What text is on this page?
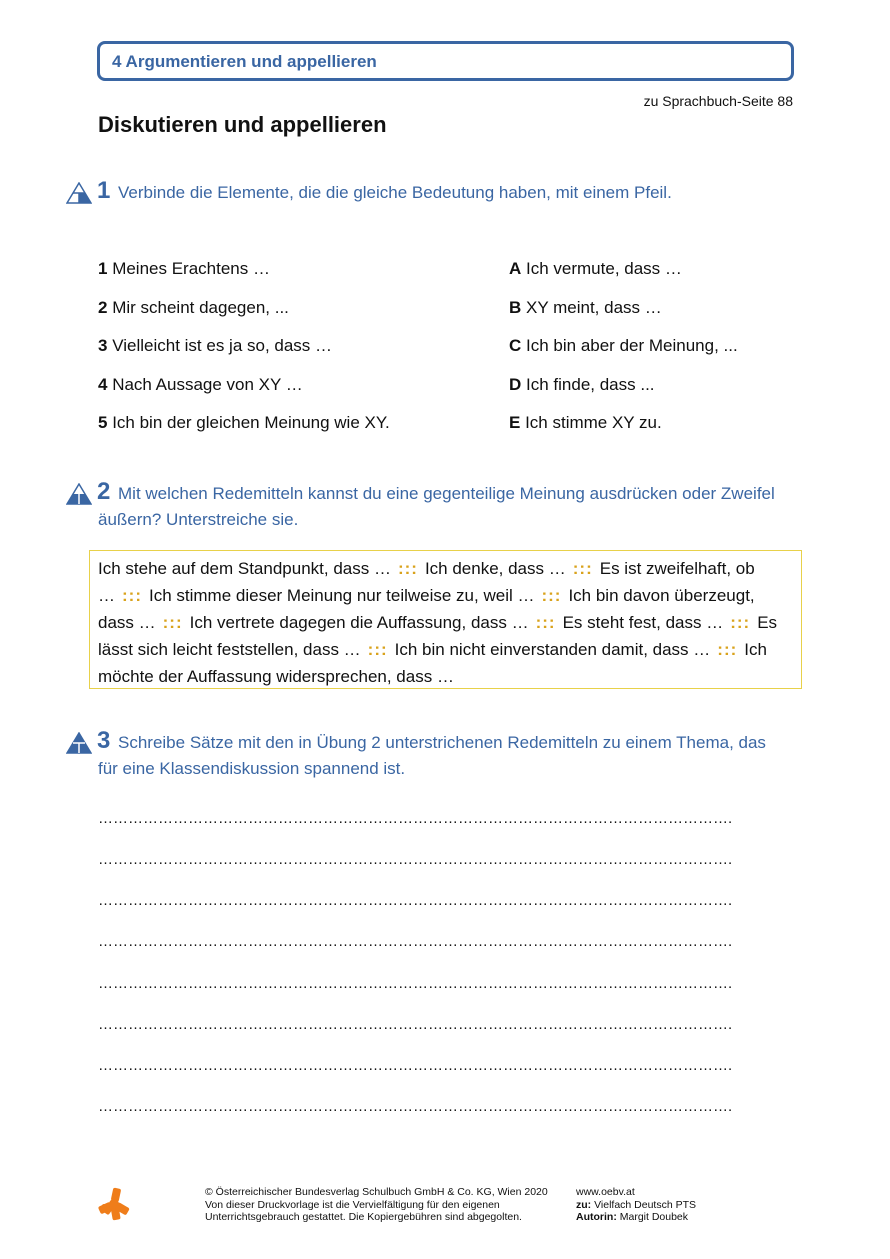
4 Argumentieren und appellieren
zu Sprachbuch-Seite 88
Diskutieren und appellieren
1 Verbinde die Elemente, die die gleiche Bedeutung haben, mit einem Pfeil.

1 Meines Erachtens …
2 Mir scheint dagegen, ...
3 Vielleicht ist es ja so, dass …
4 Nach Aussage von XY …
5 Ich bin der gleichen Meinung wie XY.
A Ich vermute, dass …
B XY meint, dass …
C Ich bin aber der Meinung, ...
D Ich finde, dass ...
E Ich stimme XY zu.
2 Mit welchen Redemitteln kannst du eine gegenteilige Meinung ausdrücken oder Zweifel äußern? Unterstreiche sie.

Ich stehe auf dem Standpunkt, dass … ::: Ich denke, dass … ::: Es ist zweifelhaft, ob … ::: Ich stimme dieser Meinung nur teilweise zu, weil … ::: Ich bin davon überzeugt, dass … ::: Ich vertrete dagegen die Auffassung, dass … ::: Es steht fest, dass … ::: Es lässt sich leicht feststellen, dass … ::: Ich bin nicht einverstanden damit, dass … ::: Ich möchte der Auffassung widersprechen, dass …
3 Schreibe Sätze mit den in Übung 2 unterstrichenen Redemitteln zu einem Thema, das für eine Klassendiskussion spannend ist.

……………………………………………………………………………………………………………….
……………………………………………………………………………………………………………….
……………………………………………………………………………………………………………….
……………………………………………………………………………………………………………….
……………………………………………………………………………………………………………….
……………………………………………………………………………………………………………….
……………………………………………………………………………………………………………….
……………………………………………………………………………………………………………….
© Österreichischer Bundesverlag Schulbuch GmbH & Co. KG, Wien 2020
Von dieser Druckvorlage ist die Vervielfältigung für den eigenen
Unterrichtsgebrauch gestattet. Die Kopiergebühren sind abgegolten.
www.oebv.at
zu: Vielfach Deutsch PTS
Autorin: Margit Doubek
